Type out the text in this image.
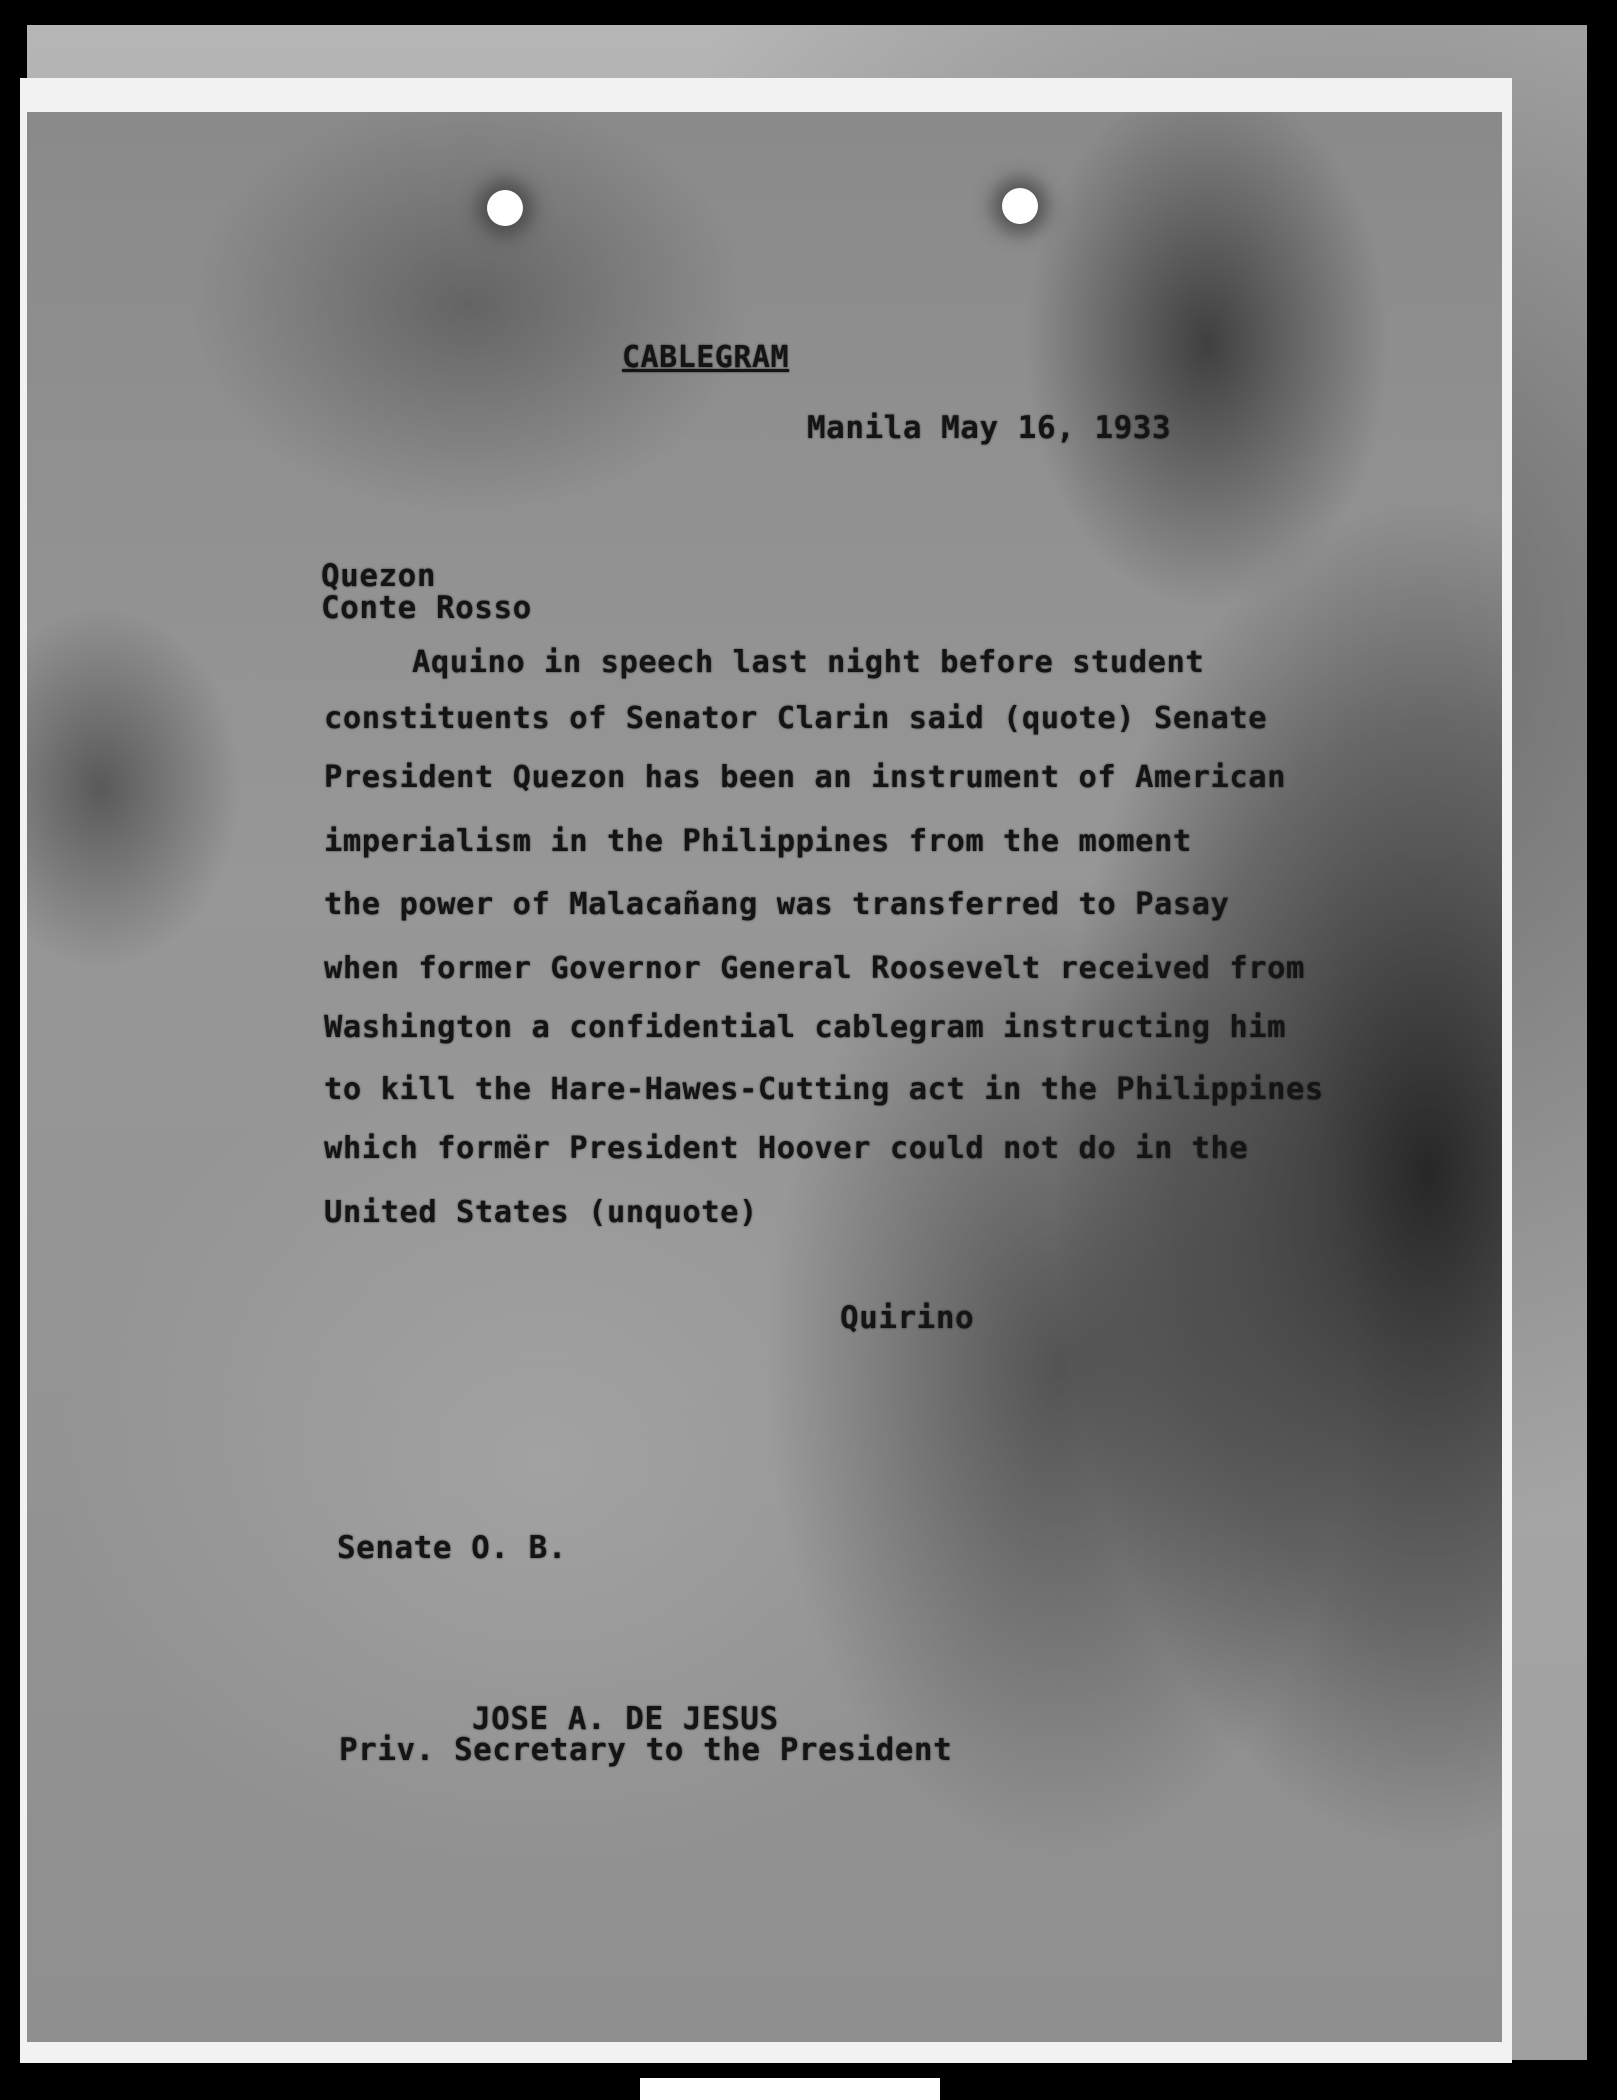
CABLEGRAM
Manila May 16, 1933
Quezon
Conte Rosso
Aquino in speech last night before student
constituents of Senator Clarin said (quote) Senate
President Quezon has been an instrument of American
imperialism in the Philippines from the moment
the power of Malacañang was transferred to Pasay
when former Governor General Roosevelt received from
Washington a confidential cablegram instructing him
to kill the Hare-Hawes-Cutting act in the Philippines
which formër President Hoover could not do in the
United States (unquote)
Quirino
Senate O. B.
JOSE A. DE JESUS
Priv. Secretary to the President
